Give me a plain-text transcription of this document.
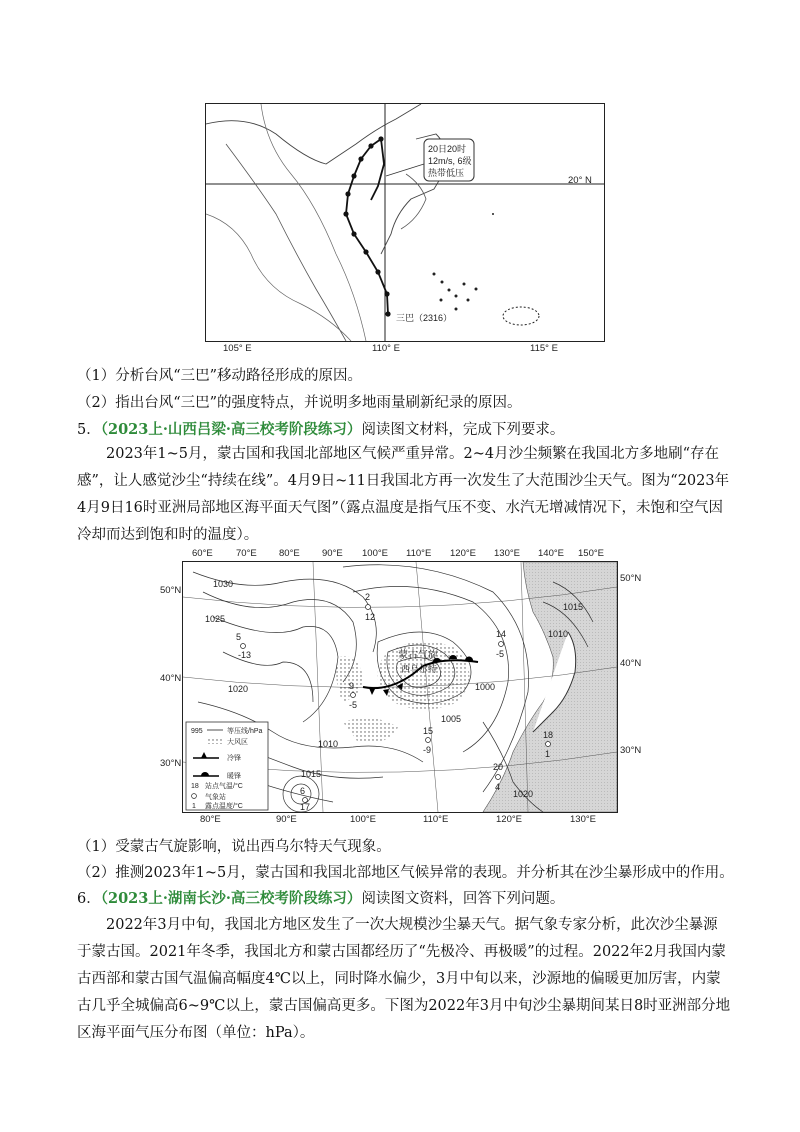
20日20时
12m/s, 6级
热带低压
三巴（2316）
20° N
105° E	110° E	115° E
（1）分析台风“三巴”移动路径形成的原因。
（2）指出台风“三巴”的强度特点，并说明多地雨量刷新纪录的原因。
5．（2023上·山西吕梁·高三校考阶段练习）阅读图文材料，完成下列要求。
2023年1~5月，蒙古国和我国北部地区气候严重异常。2~4月沙尘频繁在我国北方多地刷“存在感”，让人感觉沙尘“持续在线”。4月9日~11日我国北方再一次发生了大范围沙尘天气。图为“2023年4月9日16时亚洲局部地区海平面天气图”（露点温度是指气压不变、水汽无增减情况下，未饱和空气因冷却而达到饱和时的温度）。
60°E 70°E 80°E 90°E 100°E 110°E 120°E 130°E 140°E 150°E
50°N
40°N
30°N
蒙古气旋
西乌尔特
1030
1025
1020
1010
1015
1005
1000
1010
1015
1020
5
-13
2
12
9
-5
14
-5
18
1
20
4
6
17
15
-9
995	等压线/hPa
大风区
冷锋
暖锋
18 站点气温/°C
气象站
1 露点温度/°C
50°N
40°N
30°N
80°E	90°E	100°E	110°E	120°E	130°E
（1）受蒙古气旋影响，说出西乌尔特天气现象。
（2）推测2023年1~5月，蒙古国和我国北部地区气候异常的表现。并分析其在沙尘暴形成中的作用。
6．（2023上·湖南长沙·高三校考阶段练习）阅读图文资料，回答下列问题。
2022年3月中旬，我国北方地区发生了一次大规模沙尘暴天气。据气象专家分析，此次沙尘暴源于蒙古国。2021年冬季，我国北方和蒙古国都经历了“先极冷、再极暖”的过程。2022年2月我国内蒙古西部和蒙古国气温偏高幅度4℃以上，同时降水偏少，3月中旬以来，沙源地的偏暖更加厉害，内蒙古几乎全城偏高6~9℃以上，蒙古国偏高更多。下图为2022年3月中旬沙尘暴期间某日8时亚洲部分地区海平面气压分布图（单位：hPa）。
